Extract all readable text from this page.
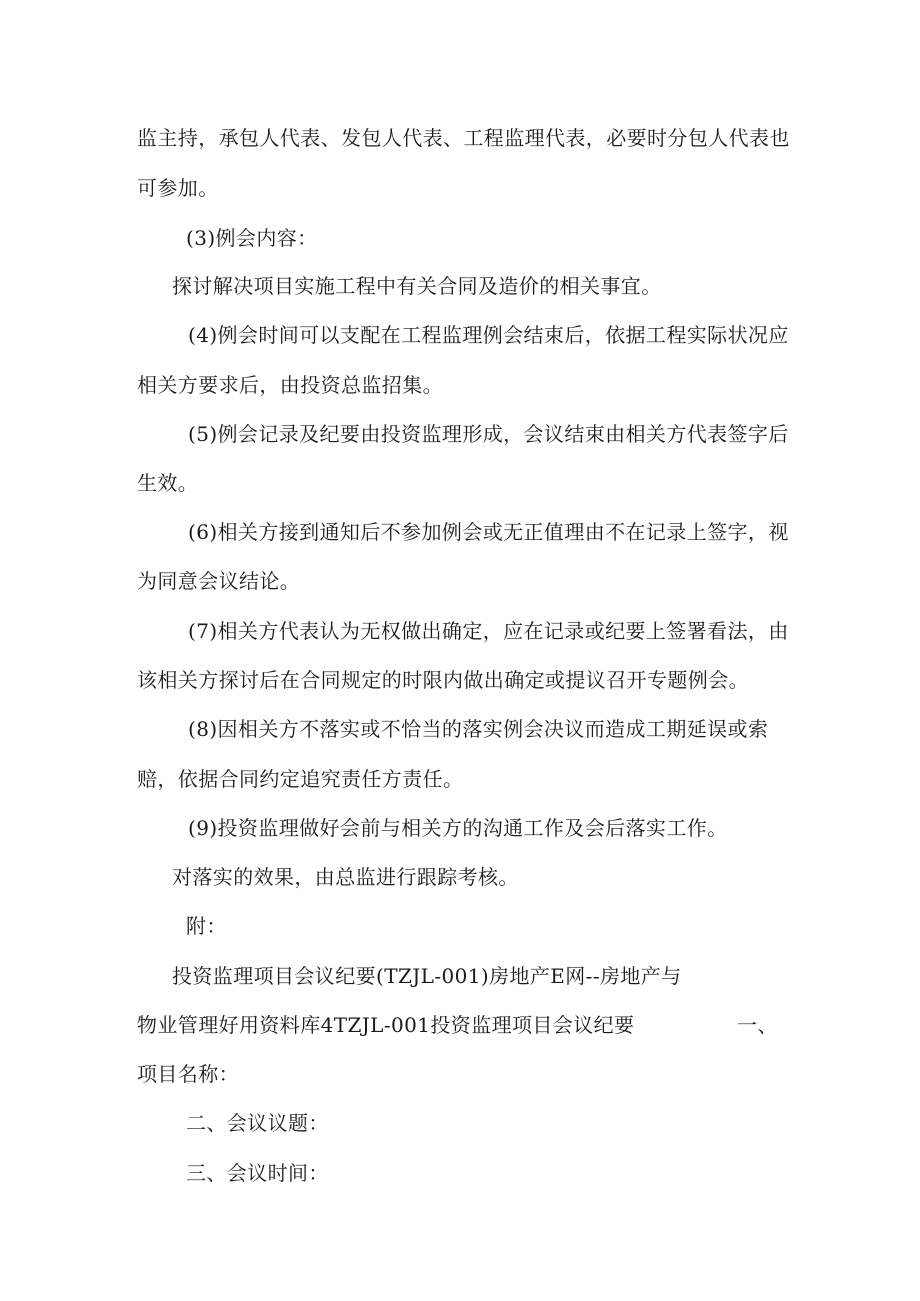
监主持，承包人代表、发包人代表、工程监理代表，必要时分包人代表也
可参加。
(3)例会内容：
探讨解决项目实施工程中有关合同及造价的相关事宜。
(4)例会时间可以支配在工程监理例会结束后，依据工程实际状况应
相关方要求后，由投资总监招集。
(5)例会记录及纪要由投资监理形成，会议结束由相关方代表签字后
生效。
(6)相关方接到通知后不参加例会或无正值理由不在记录上签字，视
为同意会议结论。
(7)相关方代表认为无权做出确定，应在记录或纪要上签署看法，由
该相关方探讨后在合同规定的时限内做出确定或提议召开专题例会。
(8)因相关方不落实或不恰当的落实例会决议而造成工期延误或索
赔，依据合同约定追究责任方责任。
(9)投资监理做好会前与相关方的沟通工作及会后落实工作。
对落实的效果，由总监进行跟踪考核。
附：
投资监理项目会议纪要(TZJL-001)房地产E网--房地产与
物业管理好用资料库4TZJL-001投资监理项目会议纪要	一、
项目名称：
二、会议议题：
三、会议时间：
